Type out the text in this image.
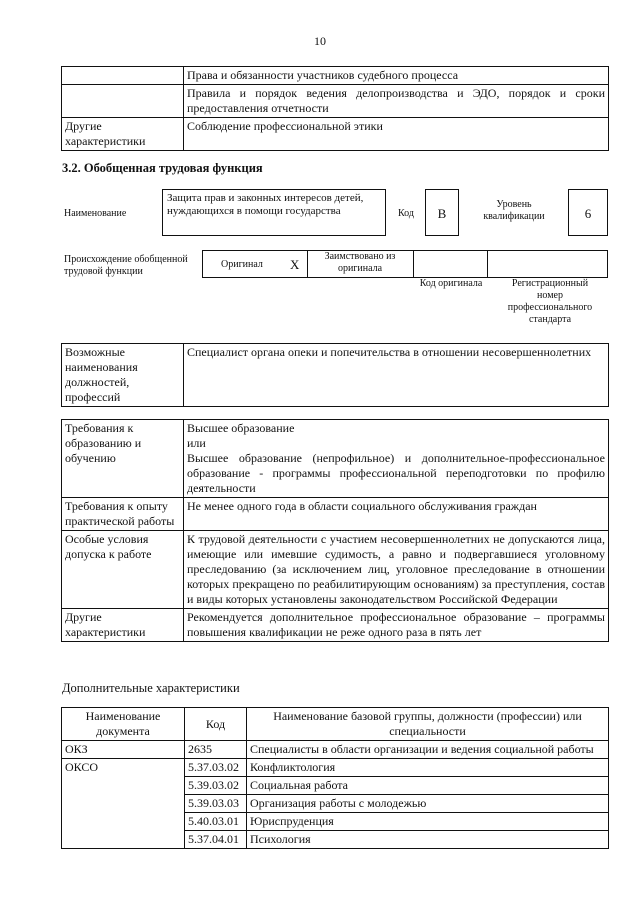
10
	Права и обязанности участников судебного процесса
	Правила и порядок ведения делопроизводства и ЭДО, порядок и сроки предоставления отчетности
Другие характеристики	Соблюдение профессиональной этики
3.2. Обобщенная трудовая функция
Наименование
Защита прав и законных интересов детей, нуждающихся в помощи государства	Код	В
Уровень квалификации	6
Происхождение обобщенной трудовой функции
Оригинал X
Заимствовано из оригинала
Код оригинала	Регистрационный номер профессионального стандарта
Возможные наименования должностей, профессий	Специалист органа опеки и попечительства в отношении несовершеннолетних
Требования к образованию и обучению	Высшее образование
или
Высшее образование (непрофильное) и дополнительное-профессиональное образование - программы профессиональной переподготовки по профилю деятельности

Требования к опыту практической работы	Не менее одного года в области социального обслуживания граждан
Особые условия допуска к работе	К трудовой деятельности с участием несовершеннолетних не допускаются лица, имеющие или имевшие судимость, а равно и подвергавшиеся уголовному преследованию (за исключением лиц, уголовное преследование в отношении которых прекращено по реабилитирующим основаниям) за преступления, состав и виды которых установлены законодательством Российской Федерации
Другие характеристики	Рекомендуется дополнительное профессиональное образование – программы повышения квалификации не реже одного раза в пять лет
Дополнительные характеристики
Наименование документа	Код	Наименование базовой группы, должности (профессии) или специальности
ОКЗ	2635	Специалисты в области организации и ведения социальной работы
ОКСО	5.37.03.02	Конфликтология
	5.39.03.02	Социальная работа
	5.39.03.03	Организация работы с молодежью
	5.40.03.01	Юриспруденция
	5.37.04.01	Психология
